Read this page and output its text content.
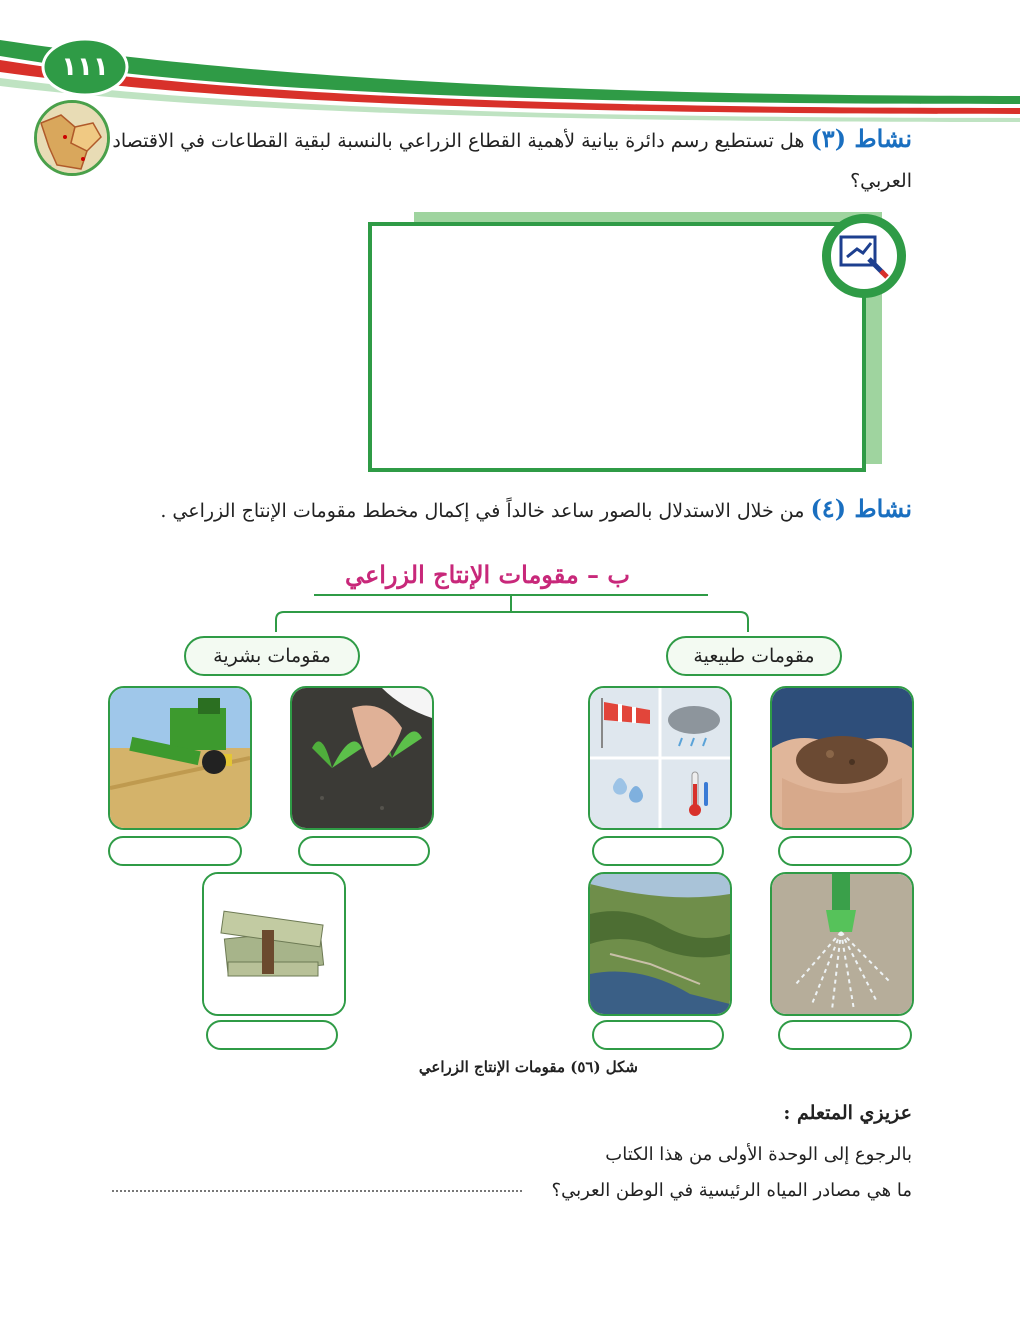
١١١
نشاط (٣) هل تستطيع رسم دائرة بيانية لأهمية القطاع الزراعي بالنسبة لبقية القطاعات في الاقتصاد
العربي؟
نشاط (٤) من خلال الاستدلال بالصور ساعد خالداً في إكمال مخطط مقومات الإنتاج الزراعي .
ب – مقومات الإنتاج الزراعي
مقومات طبيعية
مقومات بشرية
شكل (٥٦) مقومات الإنتاج الزراعي
عزيزي المتعلم :
بالرجوع إلى الوحدة الأولى من هذا الكتاب
ما هي مصادر المياه الرئيسية في الوطن العربي؟
